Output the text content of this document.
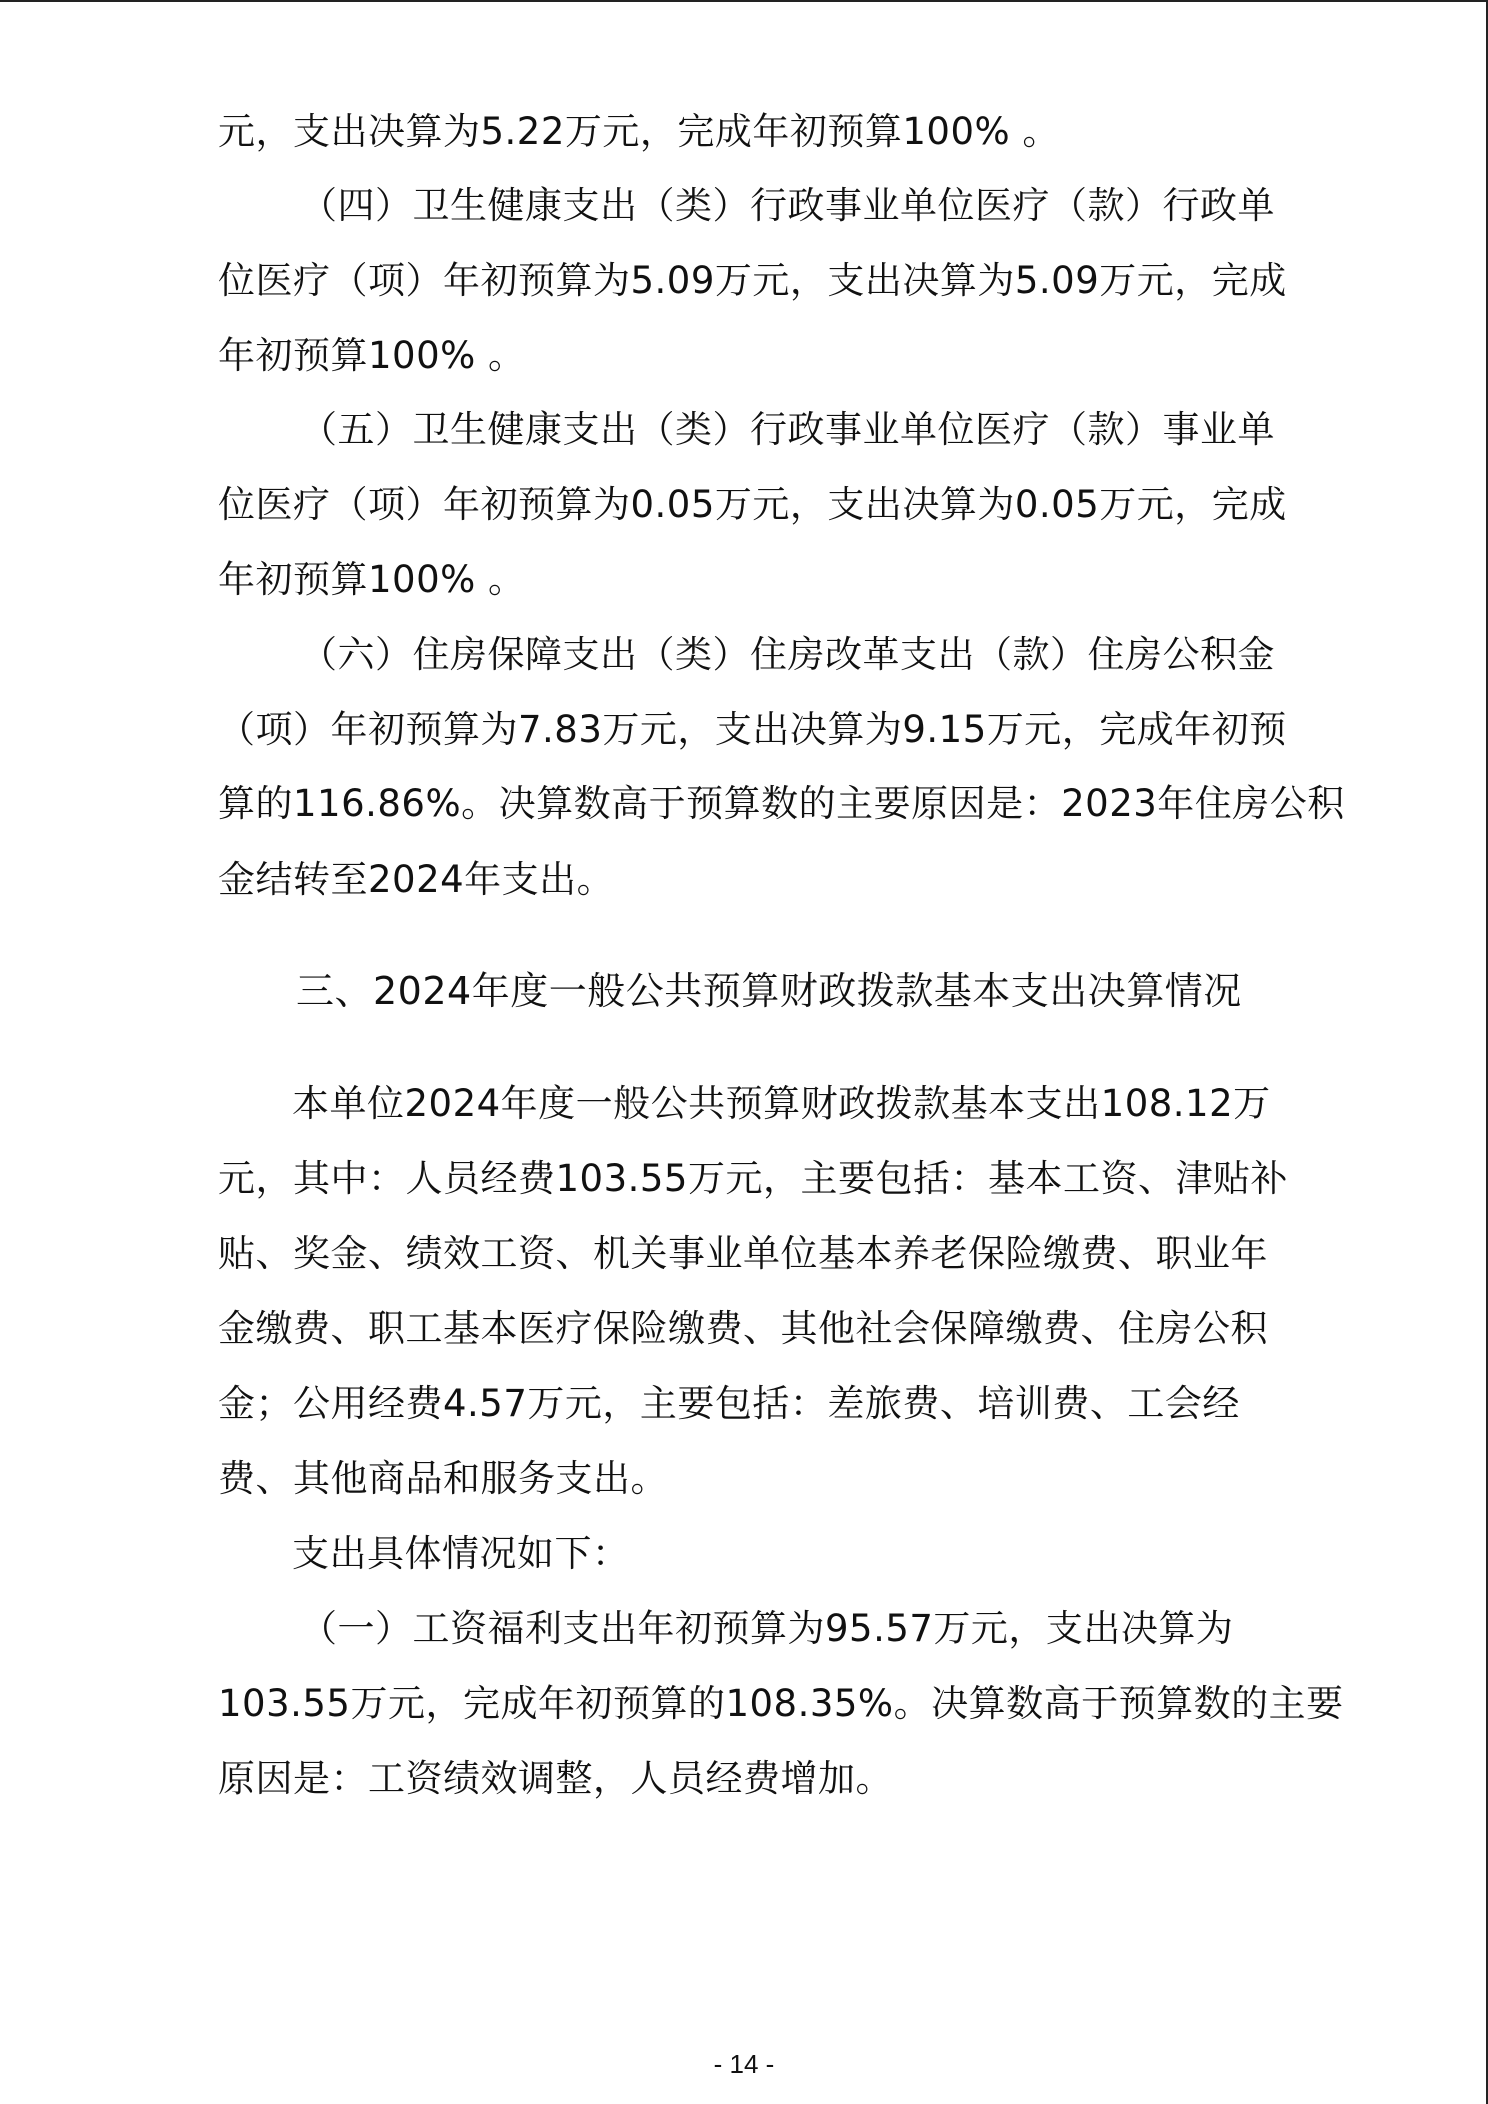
元，支出决算为5.22万元，完成年初预算100% 。
（四）卫生健康支出（类）行政事业单位医疗（款）行政单
位医疗（项）年初预算为5.09万元，支出决算为5.09万元，完成
年初预算100% 。
（五）卫生健康支出（类）行政事业单位医疗（款）事业单
位医疗（项）年初预算为0.05万元，支出决算为0.05万元，完成
年初预算100% 。
（六）住房保障支出（类）住房改革支出（款）住房公积金
（项）年初预算为7.83万元，支出决算为9.15万元，完成年初预
算的116.86%。决算数高于预算数的主要原因是：2023年住房公积
金结转至2024年支出。
三、2024年度一般公共预算财政拨款基本支出决算情况
本单位2024年度一般公共预算财政拨款基本支出108.12万
元，其中：人员经费103.55万元，主要包括：基本工资、津贴补
贴、奖金、绩效工资、机关事业单位基本养老保险缴费、职业年
金缴费、职工基本医疗保险缴费、其他社会保障缴费、住房公积
金；公用经费4.57万元，主要包括：差旅费、培训费、工会经
费、其他商品和服务支出。
支出具体情况如下：
（一）工资福利支出年初预算为95.57万元，支出决算为
103.55万元，完成年初预算的108.35%。决算数高于预算数的主要
原因是：工资绩效调整，人员经费增加。
- 14 -
